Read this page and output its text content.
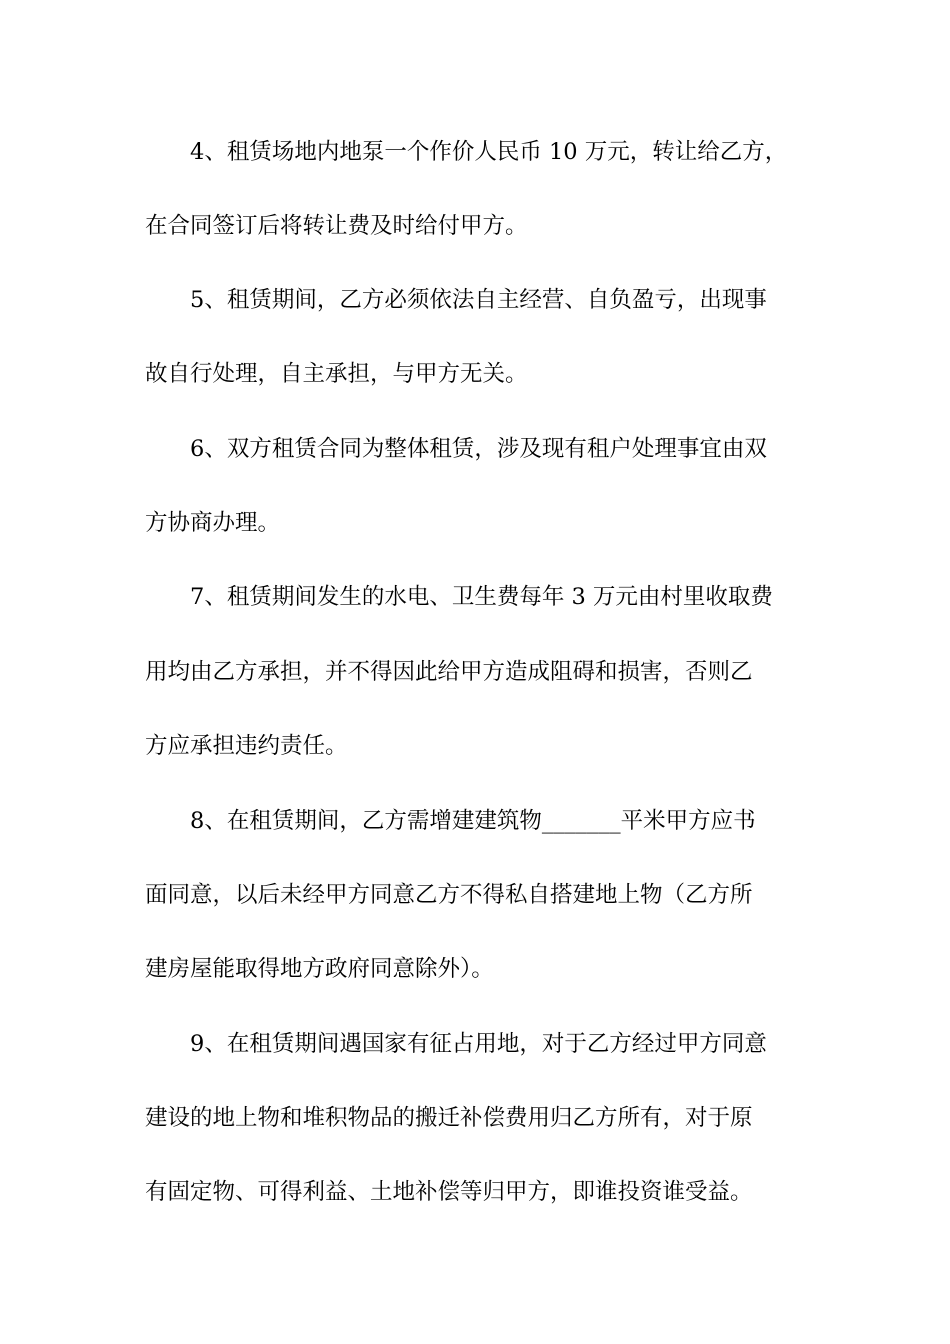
4、租赁场地内地泵一个作价人民币 10 万元，转让给乙方，
在合同签订后将转让费及时给付甲方。
5、租赁期间，乙方必须依法自主经营、自负盈亏，出现事
故自行处理，自主承担，与甲方无关。
6、双方租赁合同为整体租赁，涉及现有租户处理事宜由双
方协商办理。
7、租赁期间发生的水电、卫生费每年 3 万元由村里收取费
用均由乙方承担，并不得因此给甲方造成阻碍和损害，否则乙
方应承担违约责任。
8、在租赁期间，乙方需增建建筑物_______平米甲方应书
面同意，以后未经甲方同意乙方不得私自搭建地上物（乙方所
建房屋能取得地方政府同意除外）。
9、在租赁期间遇国家有征占用地，对于乙方经过甲方同意
建设的地上物和堆积物品的搬迁补偿费用归乙方所有，对于原
有固定物、可得利益、土地补偿等归甲方，即谁投资谁受益。
